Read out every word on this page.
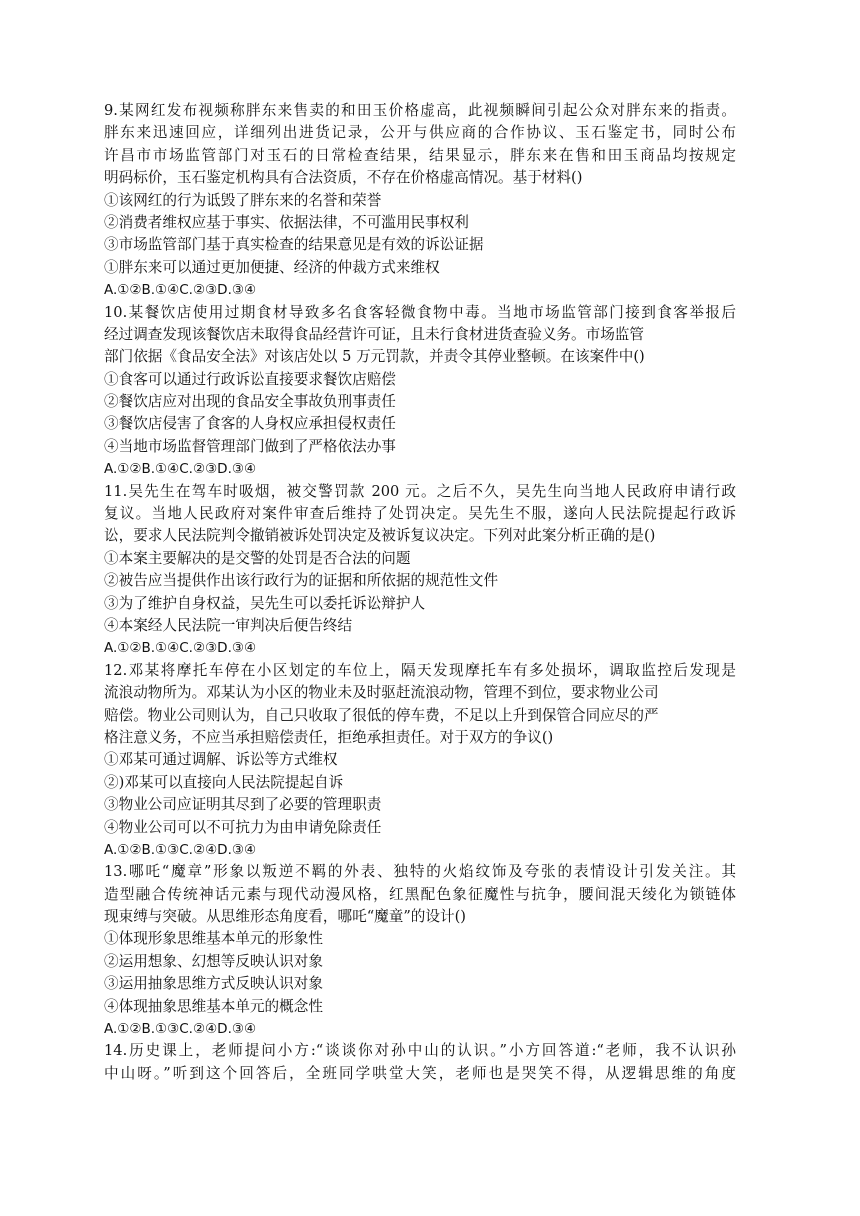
9.某网红发布视频称胖东来售卖的和田玉价格虚高，此视频瞬间引起公众对胖东来的指责。
胖东来迅速回应，详细列出进货记录，公开与供应商的合作协议、玉石鉴定书，同时公布
许昌市市场监管部门对玉石的日常检查结果，结果显示，胖东来在售和田玉商品均按规定
明码标价，玉石鉴定机构具有合法资质，不存在价格虚高情况。基于材料()
①该网红的行为诋毁了胖东来的名誉和荣誉
②消费者维权应基于事实、依据法律，不可滥用民事权利
③市场监管部门基于真实检查的结果意见是有效的诉讼证据
①胖东来可以通过更加便捷、经济的仲裁方式来维权
A.①②B.①④C.②③D.③④
10.某餐饮店使用过期食材导致多名食客轻微食物中毒。当地市场监管部门接到食客举报后
经过调查发现该餐饮店未取得食品经营许可证，且未行食材进货查验义务。市场监管
部门依据《食品安全法》对该店处以 5 万元罚款，并责令其停业整顿。在该案件中()
①食客可以通过行政诉讼直接要求餐饮店赔偿
②餐饮店应对出现的食品安全事故负刑事责任
③餐饮店侵害了食客的人身权应承担侵权责任
④当地市场监督管理部门做到了严格依法办事
A.①②B.①④C.②③D.③④
11.吴先生在驾车时吸烟，被交警罚款 200 元。之后不久，吴先生向当地人民政府申请行政
复议。当地人民政府对案件审查后维持了处罚决定。吴先生不服，遂向人民法院提起行政诉
讼，要求人民法院判令撤销被诉处罚决定及被诉复议决定。下列对此案分析正确的是()
①本案主要解决的是交警的处罚是否合法的问题
②被告应当提供作出该行政行为的证据和所依据的规范性文件
③为了维护自身权益，吴先生可以委托诉讼辩护人
④本案经人民法院一审判决后便告终结
A.①②B.①④C.②③D.③④
12.邓某将摩托车停在小区划定的车位上，隔天发现摩托车有多处损坏，调取监控后发现是
流浪动物所为。邓某认为小区的物业未及时驱赶流浪动物，管理不到位，要求物业公司
赔偿。物业公司则认为，自己只收取了很低的停车费，不足以上升到保管合同应尽的严
格注意义务，不应当承担赔偿责任，拒绝承担责任。对于双方的争议()
①邓某可通过调解、诉讼等方式维权
②)邓某可以直接向人民法院提起自诉
③物业公司应证明其尽到了必要的管理职责
④物业公司可以不可抗力为由申请免除责任
A.①②B.①③C.②④D.③④
13.哪吒“魔章”形象以叛逆不羁的外表、独特的火焰纹饰及夸张的表情设计引发关注。其
造型融合传统神话元素与现代动漫风格，红黑配色象征魔性与抗争，腰间混天绫化为锁链体
现束缚与突破。从思维形态角度看，哪吒“魔童”的设计()
①体现形象思维基本单元的形象性
②运用想象、幻想等反映认识对象
③运用抽象思维方式反映认识对象
④体现抽象思维基本单元的概念性
A.①②B.①③C.②④D.③④
14.历史课上，老师提问小方:“谈谈你对孙中山的认识。”小方回答道:“老师，我不认识孙
中山呀。”听到这个回答后，全班同学哄堂大笑，老师也是哭笑不得，从逻辑思维的角度
